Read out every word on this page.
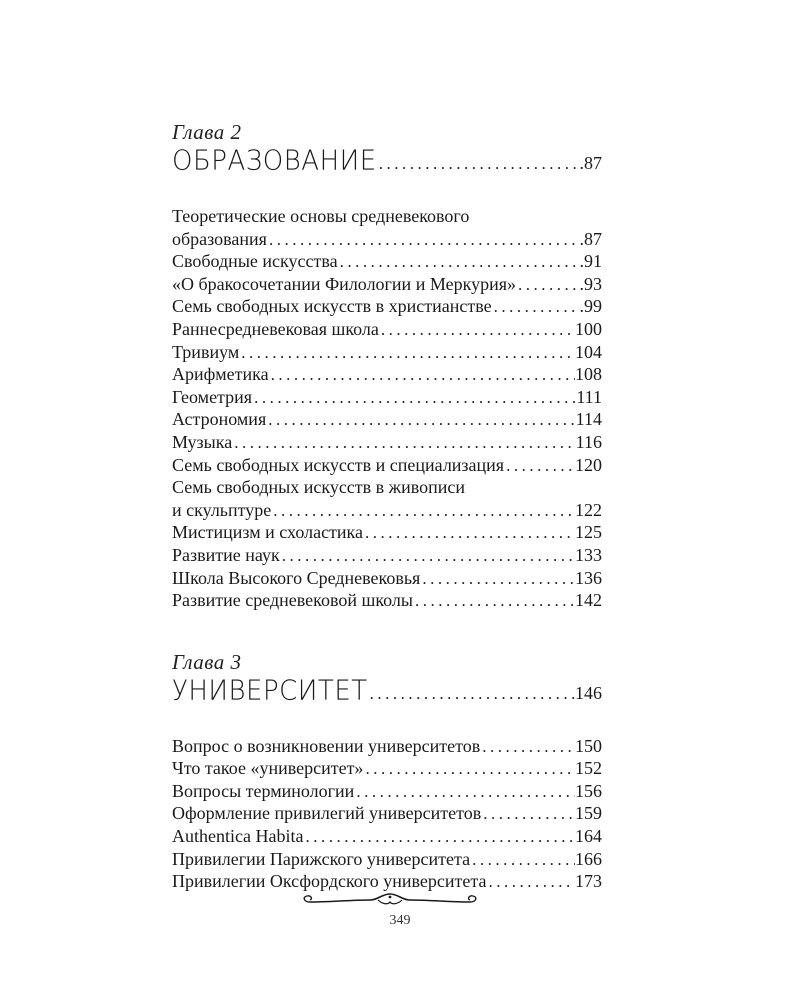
Глава 2
ОБРАЗОВАНИЕ .....	.87
Теоретические основы средневекового
образования .....	.87
Свободные искусства .....	.91
«О бракосочетании Филологии и Меркурия» .....	.93
Семь свободных искусств в христианстве .....	.99
Раннесредневековая школа .....	100
Тривиум .....	104
Арифметика .....	108
Геометрия .....	111
Астрономия .....	114
Музыка .....	116
Семь свободных искусств и специализация .....	120
Семь свободных искусств в живописи
и скульптуре .....	122
Мистицизм и схоластика .....	125
Развитие наук .....	133
Школа Высокого Средневековья .....	136
Развитие средневековой школы .....	142
Глава 3
УНИВЕРСИТЕТ .....	146
Вопрос о возникновении университетов .....	150
Что такое «университет» .....	152
Вопросы терминологии .....	156
Оформление привилегий университетов .....	159
Authentica Habita .....	164
Привилегии Парижского университета .....	166
Привилегии Оксфордского университета .....	173
349
